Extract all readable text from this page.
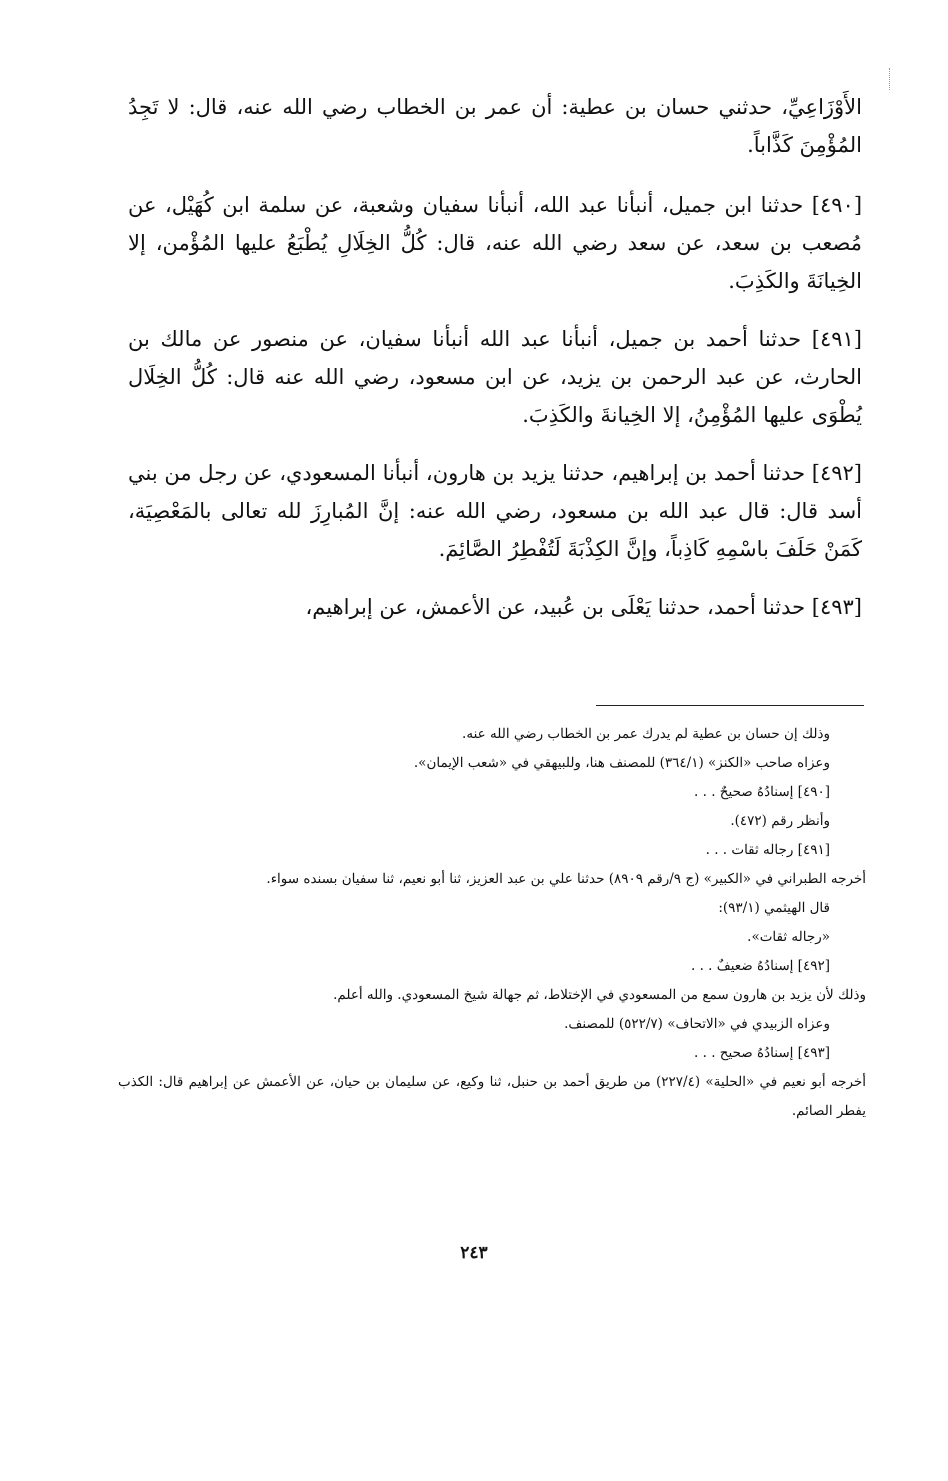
الأَوْزَاعِيِّ، حدثني حسان بن عطية: أن عمر بن الخطاب رضي الله عنه، قال: لا تَجِدُ المُؤْمِنَ كَذَّاباً.

[٤٩٠] حدثنا ابن جميل، أنبأنا عبد الله، أنبأنا سفيان وشعبة، عن سلمة ابن كُهَيْل، عن مُصعب بن سعد، عن سعد رضي الله عنه، قال: كُلُّ الخِلَالِ يُطْبَعُ عليها المُؤْمن، إلا الخِيانَةَ والكَذِبَ.

[٤٩١] حدثنا أحمد بن جميل، أنبأنا عبد الله أنبأنا سفيان، عن منصور عن مالك بن الحارث، عن عبد الرحمن بن يزيد، عن ابن مسعود، رضي الله عنه قال: كُلُّ الخِلَال يُطْوَى عليها المُؤْمِنُ، إلا الخِيانةَ والكَذِبَ.

[٤٩٢] حدثنا أحمد بن إبراهيم، حدثنا يزيد بن هارون، أنبأنا المسعودي، عن رجل من بني أسد قال: قال عبد الله بن مسعود، رضي الله عنه: إنَّ المُبارِزَ لله تعالى بالمَعْصِيَة، كَمَنْ حَلَفَ باسْمِهِ كَاذِباً، وإنَّ الكِذْبَةَ لَتُفْطِرُ الصَّائِمَ.

[٤٩٣] حدثنا أحمد، حدثنا يَعْلَى بن عُبيد، عن الأعمش، عن إبراهيم،

وذلك إن حسان بن عطية لم يدرك عمر بن الخطاب رضي الله عنه.

وعزاه صاحب «الكنز» (٣٦٤/١) للمصنف هنا، وللبيهقي في «شعب الإيمان».

[٤٩٠] إسنادُهُ صحيحٌ . . .

وأنظر رقم (٤٧٢).

[٤٩١] رجاله ثقات . . .

أخرجه الطبراني في «الكبير» (ج ٩/رقم ٨٩٠٩) حدثنا علي بن عبد العزيز، ثنا أبو نعيم، ثنا سفيان بسنده سواء.

قال الهيثمي (٩٣/١):

«رجاله ثقات».

[٤٩٢] إسنادُهُ ضعيفٌ . . .

وذلك لأن يزيد بن هارون سمع من المسعودي في الإختلاط، ثم جهالة شيخ المسعودي. والله أعلم.

وعزاه الزبيدي في «الاتحاف» (٥٢٢/٧) للمصنف.

[٤٩٣] إسنادُهُ صحيح . . .

أخرجه أبو نعيم في «الحلية» (٢٢٧/٤) من طريق أحمد بن حنبل، ثنا وكيع، عن سليمان بن حيان، عن الأعمش عن إبراهيم قال: الكذب يفطر الصائم.

٢٤٣
